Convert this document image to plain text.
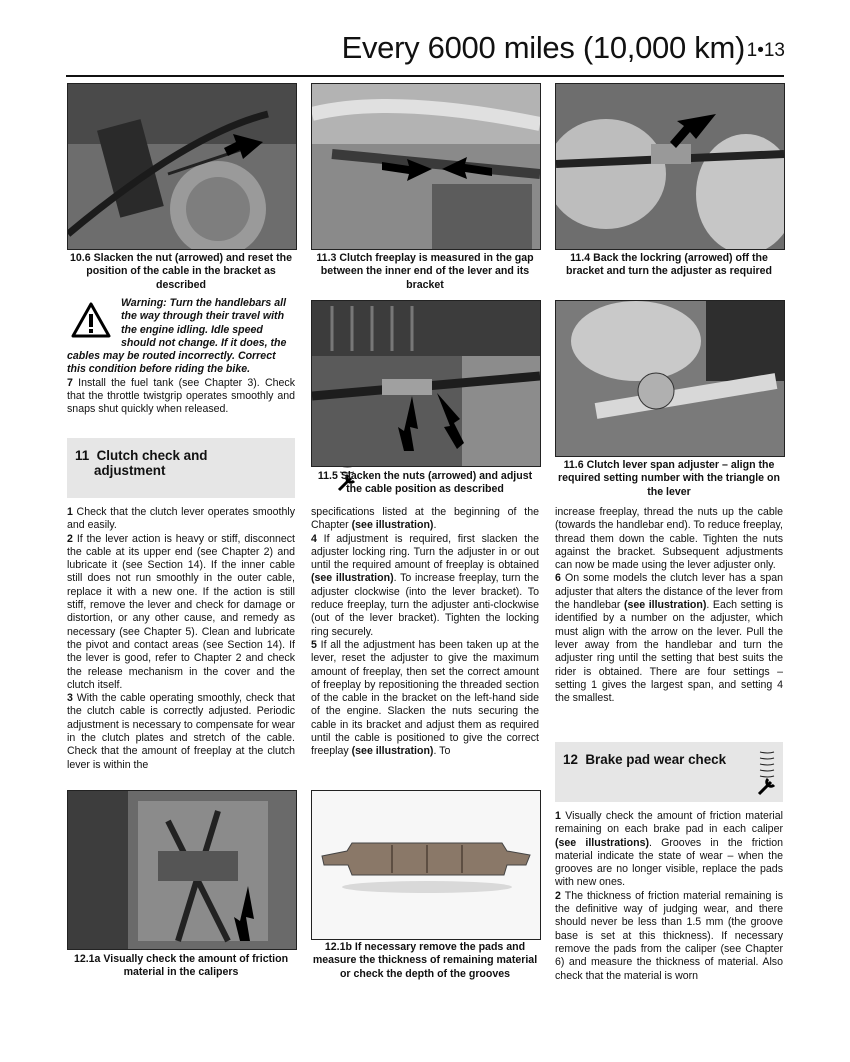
Every 6000 miles (10,000 km) 1•13
10.6 Slacken the nut (arrowed) and reset the position of the cable in the bracket as described
11.3 Clutch freeplay is measured in the gap between the inner end of the lever and its bracket
11.4 Back the lockring (arrowed) off the bracket and turn the adjuster as required
Warning: Turn the handlebars all
the way through their travel with
the engine idling. Idle speed
should not change. If it does, the
cables may be routed incorrectly. Correct
this condition before riding the bike.

7 Install the fuel tank (see Chapter 3). Check that the throttle twistgrip operates smoothly and snaps shut quickly when released.

11 Clutch check and
adjustment	11.5 Slacken the nuts (arrowed) and adjust the cable position as described
11.6 Clutch lever span adjuster – align the required setting number with the triangle on the lever

1 Check that the clutch lever operates smoothly and easily.

2 If the lever action is heavy or stiff, disconnect the cable at its upper end (see Chapter 2) and lubricate it (see Section 14). If the inner cable still does not run smoothly in the outer cable, replace it with a new one. If the action is still stiff, remove the lever and check for damage or distortion, or any other cause, and remedy as necessary (see Chapter 5). Clean and lubricate the pivot and contact areas (see Section 14). If the lever is good, refer to Chapter 2 and check the release mechanism in the cover and the clutch itself.

3 With the cable operating smoothly, check that the clutch cable is correctly adjusted. Periodic adjustment is necessary to compensate for wear in the clutch plates and stretch of the cable. Check that the amount of freeplay at the clutch lever is within the

specifications listed at the beginning of the Chapter (see illustration).

4 If adjustment is required, first slacken the adjuster locking ring. Turn the adjuster in or out until the required amount of freeplay is obtained (see illustration). To increase freeplay, turn the adjuster clockwise (into the lever bracket). To reduce freeplay, turn the adjuster anti-clockwise (out of the lever bracket). Tighten the locking ring securely.

5 If all the adjustment has been taken up at the lever, reset the adjuster to give the maximum amount of freeplay, then set the correct amount of freeplay by repositioning the threaded section of the cable in the bracket on the left-hand side of the engine. Slacken the nuts securing the cable in its bracket and adjust them as required until the cable is positioned to give the correct freeplay (see illustration). To

increase freeplay, thread the nuts up the cable (towards the handlebar end). To reduce freeplay, thread them down the cable. Tighten the nuts against the bracket. Subsequent adjustments can now be made using the lever adjuster only.

6 On some models the clutch lever has a span adjuster that alters the distance of the lever from the handlebar (see illustration). Each setting is identified by a number on the adjuster, which must align with the arrow on the lever. Pull the lever away from the handlebar and turn the adjuster ring until the setting that best suits the rider is obtained. There are four settings – setting 1 gives the largest span, and setting 4 the smallest.

12 Brake pad wear check

1 Visually check the amount of friction material remaining on each brake pad in each caliper (see illustrations). Grooves in the friction material indicate the state of wear – when the grooves are no longer visible, replace the pads with new ones.

2 The thickness of friction material remaining is the definitive way of judging wear, and there should never be less than 1.5 mm (the groove base is set at this thickness). If necessary remove the pads from the caliper (see Chapter 6) and measure the thickness of material. Also check that the material is worn

12.1a Visually check the amount of friction material in the calipers
12.1b If necessary remove the pads and measure the thickness of remaining material or check the depth of the grooves
